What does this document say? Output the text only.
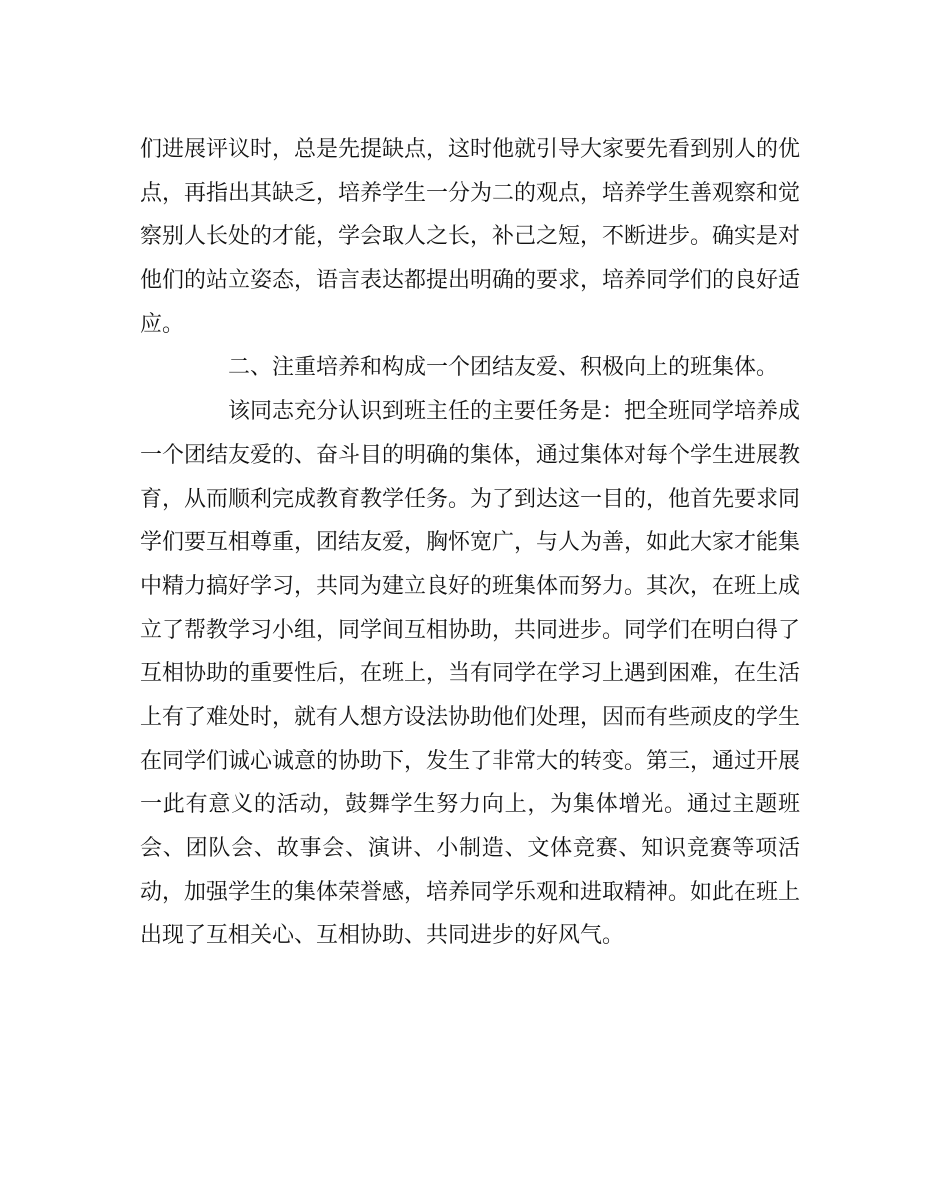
们进展评议时，总是先提缺点，这时他就引导大家要先看到别人的优
点，再指出其缺乏，培养学生一分为二的观点，培养学生善观察和觉
察别人长处的才能，学会取人之长，补己之短，不断进步。确实是对
他们的站立姿态，语言表达都提出明确的要求，培养同学们的良好适
应。
二、注重培养和构成一个团结友爱、积极向上的班集体。
该同志充分认识到班主任的主要任务是：把全班同学培养成
一个团结友爱的、奋斗目的明确的集体，通过集体对每个学生进展教
育，从而顺利完成教育教学任务。为了到达这一目的，他首先要求同
学们要互相尊重，团结友爱，胸怀宽广，与人为善，如此大家才能集
中精力搞好学习，共同为建立良好的班集体而努力。其次，在班上成
立了帮教学习小组，同学间互相协助，共同进步。同学们在明白得了
互相协助的重要性后，在班上，当有同学在学习上遇到困难，在生活
上有了难处时，就有人想方设法协助他们处理，因而有些顽皮的学生
在同学们诚心诚意的协助下，发生了非常大的转变。第三，通过开展
一此有意义的活动，鼓舞学生努力向上，为集体增光。通过主题班
会、团队会、故事会、演讲、小制造、文体竞赛、知识竞赛等项活
动，加强学生的集体荣誉感，培养同学乐观和进取精神。如此在班上
出现了互相关心、互相协助、共同进步的好风气。
